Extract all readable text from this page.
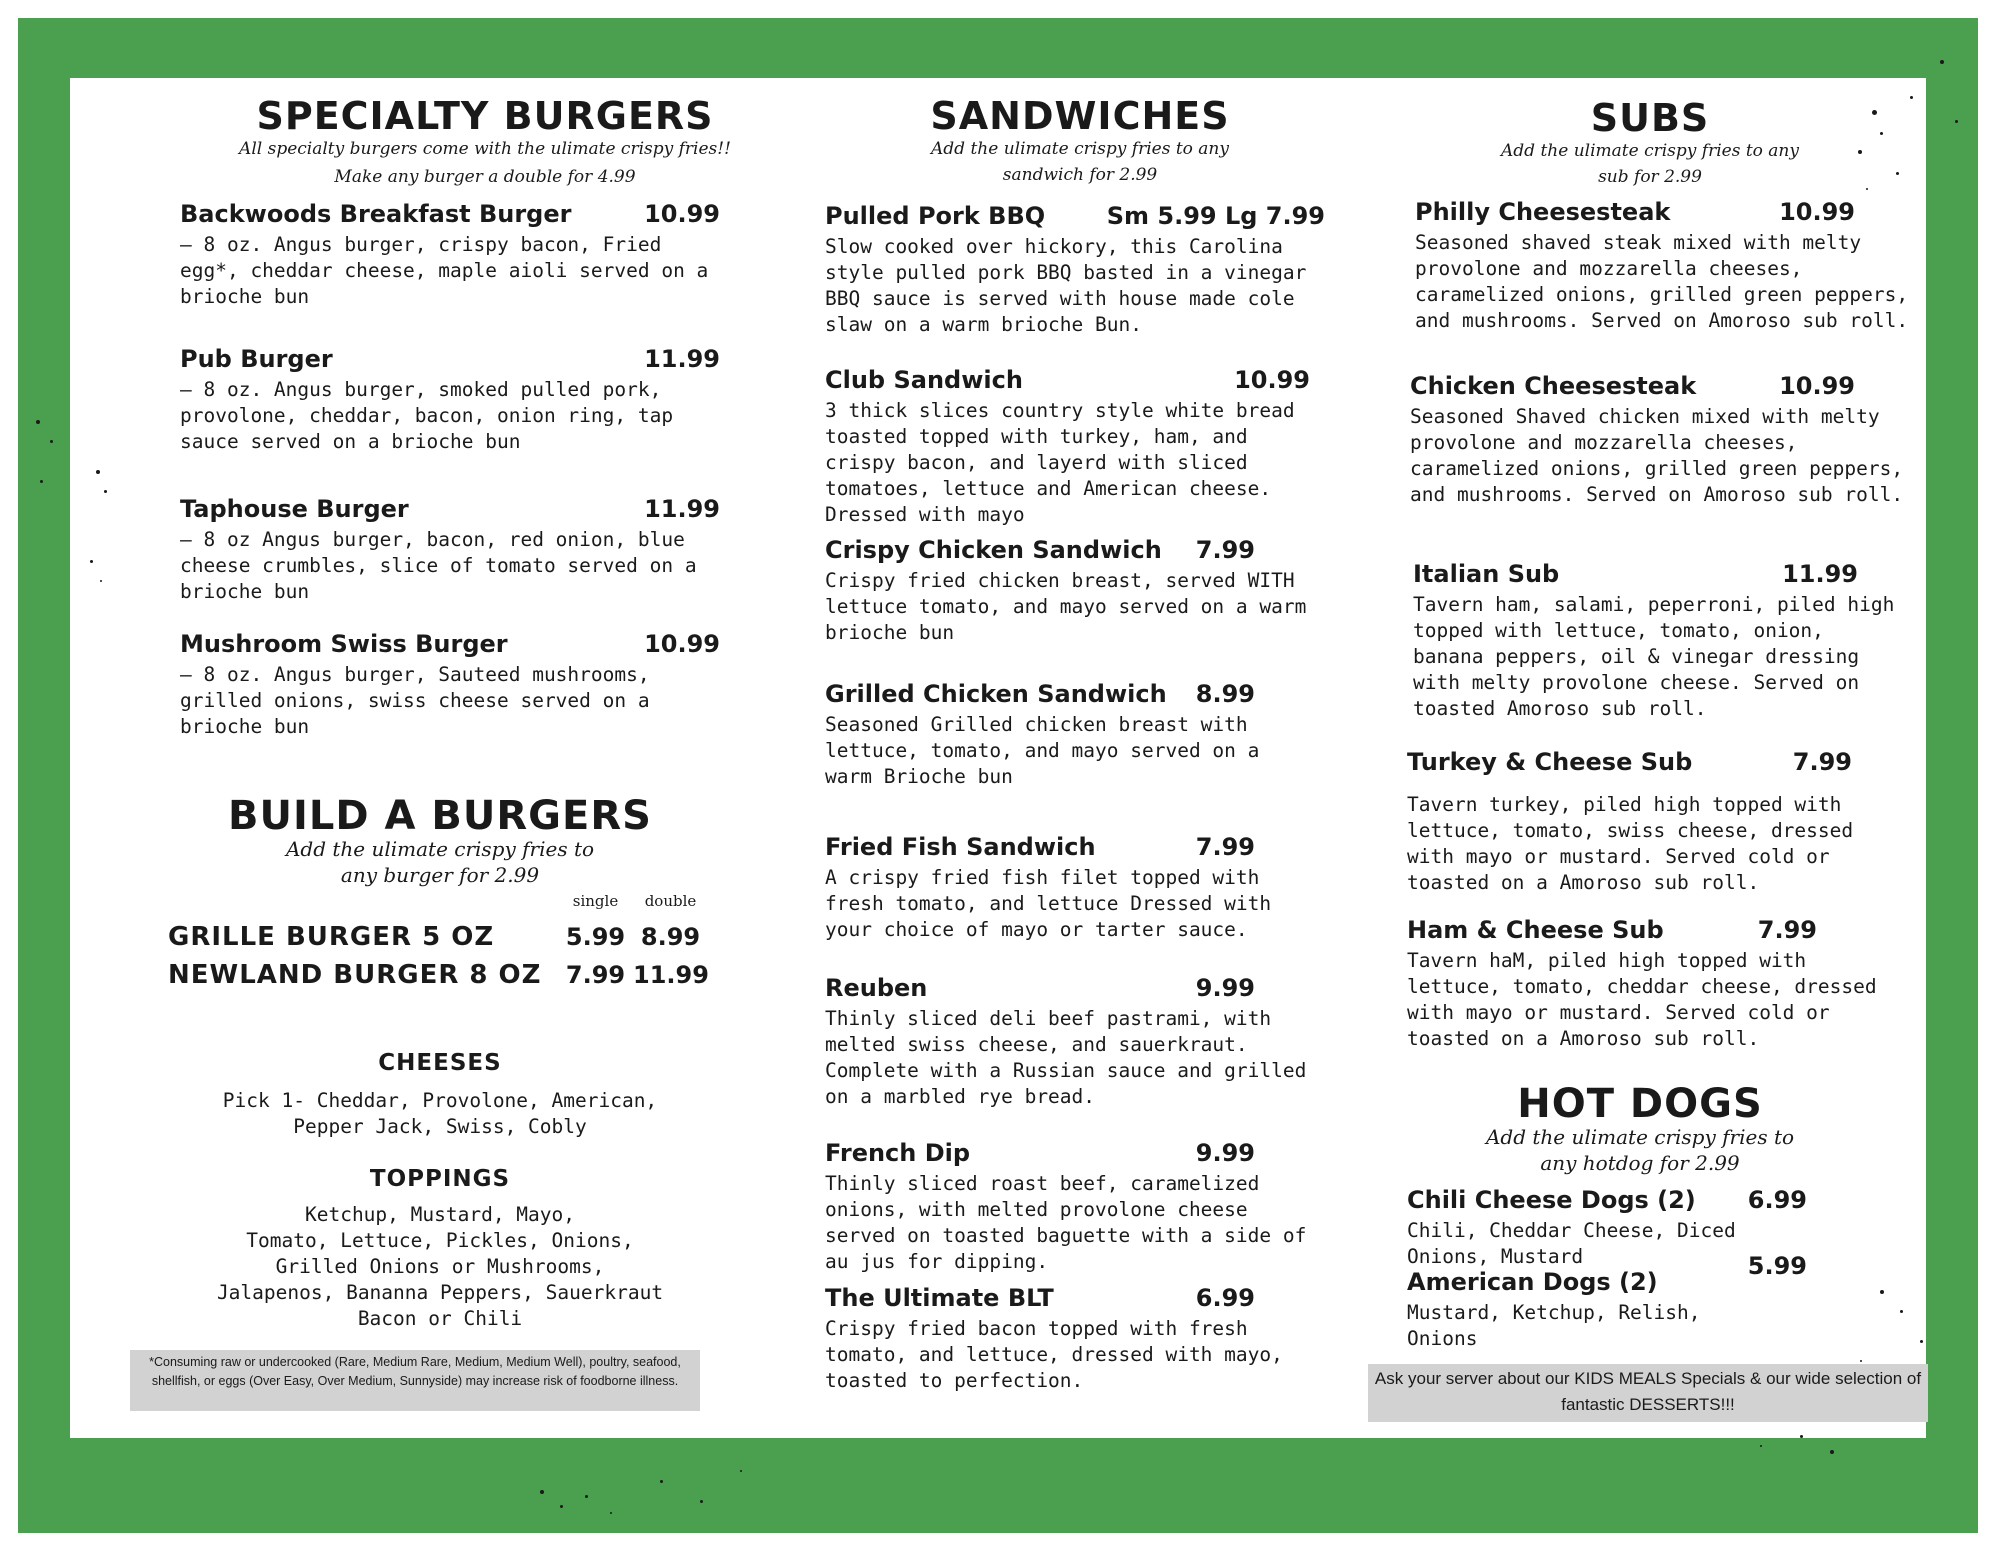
SPECIALTY BURGERS

All specialty burgers come with the ulimate crispy fries!!

Make any burger a double for 4.99

Backwoods Breakfast Burger	10.99
– 8 oz. Angus burger, crispy bacon, Fried egg*, cheddar cheese, maple aioli served on a brioche bun
Pub Burger	11.99
– 8 oz. Angus burger, smoked pulled pork, provolone, cheddar, bacon, onion ring, tap sauce served on a brioche bun
Taphouse Burger	11.99
– 8 oz Angus burger, bacon, red onion, blue cheese crumbles, slice of tomato served on a brioche bun
Mushroom Swiss Burger	10.99
– 8 oz. Angus burger, Sauteed mushrooms, grilled onions, swiss cheese served on a brioche bun
BUILD A BURGERS

Add the ulimate crispy fries to

any burger for 2.99

single	double
GRILLE BURGER 5 OZ	5.99 8.99
NEWLAND BURGER 8 OZ	7.99 11.99
CHEESES
Pick 1- Cheddar, Provolone, American,
Pepper Jack, Swiss, Cobly
TOPPINGS
Ketchup, Mustard, Mayo,
Tomato, Lettuce, Pickles, Onions,
Grilled Onions or Mushrooms,
Jalapenos, Bananna Peppers, Sauerkraut
Bacon or Chili
*Consuming raw or undercooked (Rare, Medium Rare, Medium, Medium Well), poultry, seafood, shellfish, or eggs (Over Easy, Over Medium, Sunnyside) may increase risk of foodborne illness.
SANDWICHES

Add the ulimate crispy fries to any

sandwich for 2.99

Pulled Pork BBQ	Sm 5.99 Lg 7.99
Slow cooked over hickory, this Carolina style pulled pork BBQ basted in a vinegar BBQ sauce is served with house made cole slaw on a warm brioche Bun.
Club Sandwich	10.99
3 thick slices country style white bread toasted topped with turkey, ham, and crispy bacon, and layerd with sliced tomatoes, lettuce and American cheese. Dressed with mayo
Crispy Chicken Sandwich 7.99
Crispy fried chicken breast, served WITH lettuce tomato, and mayo served on a warm brioche bun
Grilled Chicken Sandwich 8.99
Seasoned Grilled chicken breast with lettuce, tomato, and mayo served on a warm Brioche bun
Fried Fish Sandwich	7.99
A crispy fried fish filet topped with fresh tomato, and lettuce Dressed with your choice of mayo or tarter sauce.
Reuben	9.99
Thinly sliced deli beef pastrami, with melted swiss cheese, and sauerkraut. Complete with a Russian sauce and grilled on a marbled rye bread.
French Dip	9.99
Thinly sliced roast beef, caramelized onions, with melted provolone cheese served on toasted baguette with a side of au jus for dipping.
The Ultimate BLT	6.99
Crispy fried bacon topped with fresh tomato, and lettuce, dressed with mayo, toasted to perfection.
SUBS

Add the ulimate crispy fries to any

sub for 2.99

Philly Cheesesteak	10.99
Seasoned shaved steak mixed with melty provolone and mozzarella cheeses, caramelized onions, grilled green peppers, and mushrooms. Served on Amoroso sub roll.
Chicken Cheesesteak	10.99
Seasoned Shaved chicken mixed with melty provolone and mozzarella cheeses, caramelized onions, grilled green peppers, and mushrooms. Served on Amoroso sub roll.
Italian Sub	11.99
Tavern ham, salami, peperroni, piled high topped with lettuce, tomato, onion, banana peppers, oil & vinegar dressing with melty provolone cheese. Served on toasted Amoroso sub roll.
Turkey & Cheese Sub	7.99
Tavern turkey, piled high topped with lettuce, tomato, swiss cheese, dressed with mayo or mustard. Served cold or toasted on a Amoroso sub roll.
Ham & Cheese Sub	7.99
Tavern haM, piled high topped with lettuce, tomato, cheddar cheese, dressed with mayo or mustard. Served cold or toasted on a Amoroso sub roll.
HOT DOGS

Add the ulimate crispy fries to

any hotdog for 2.99

Chili Cheese Dogs (2) 6.99
Chili, Cheddar Cheese, Diced Onions, Mustard
American Dogs (2)
5.99
Mustard, Ketchup, Relish, Onions
Ask your server about our KIDS MEALS Specials & our wide selection of fantastic DESSERTS!!!
